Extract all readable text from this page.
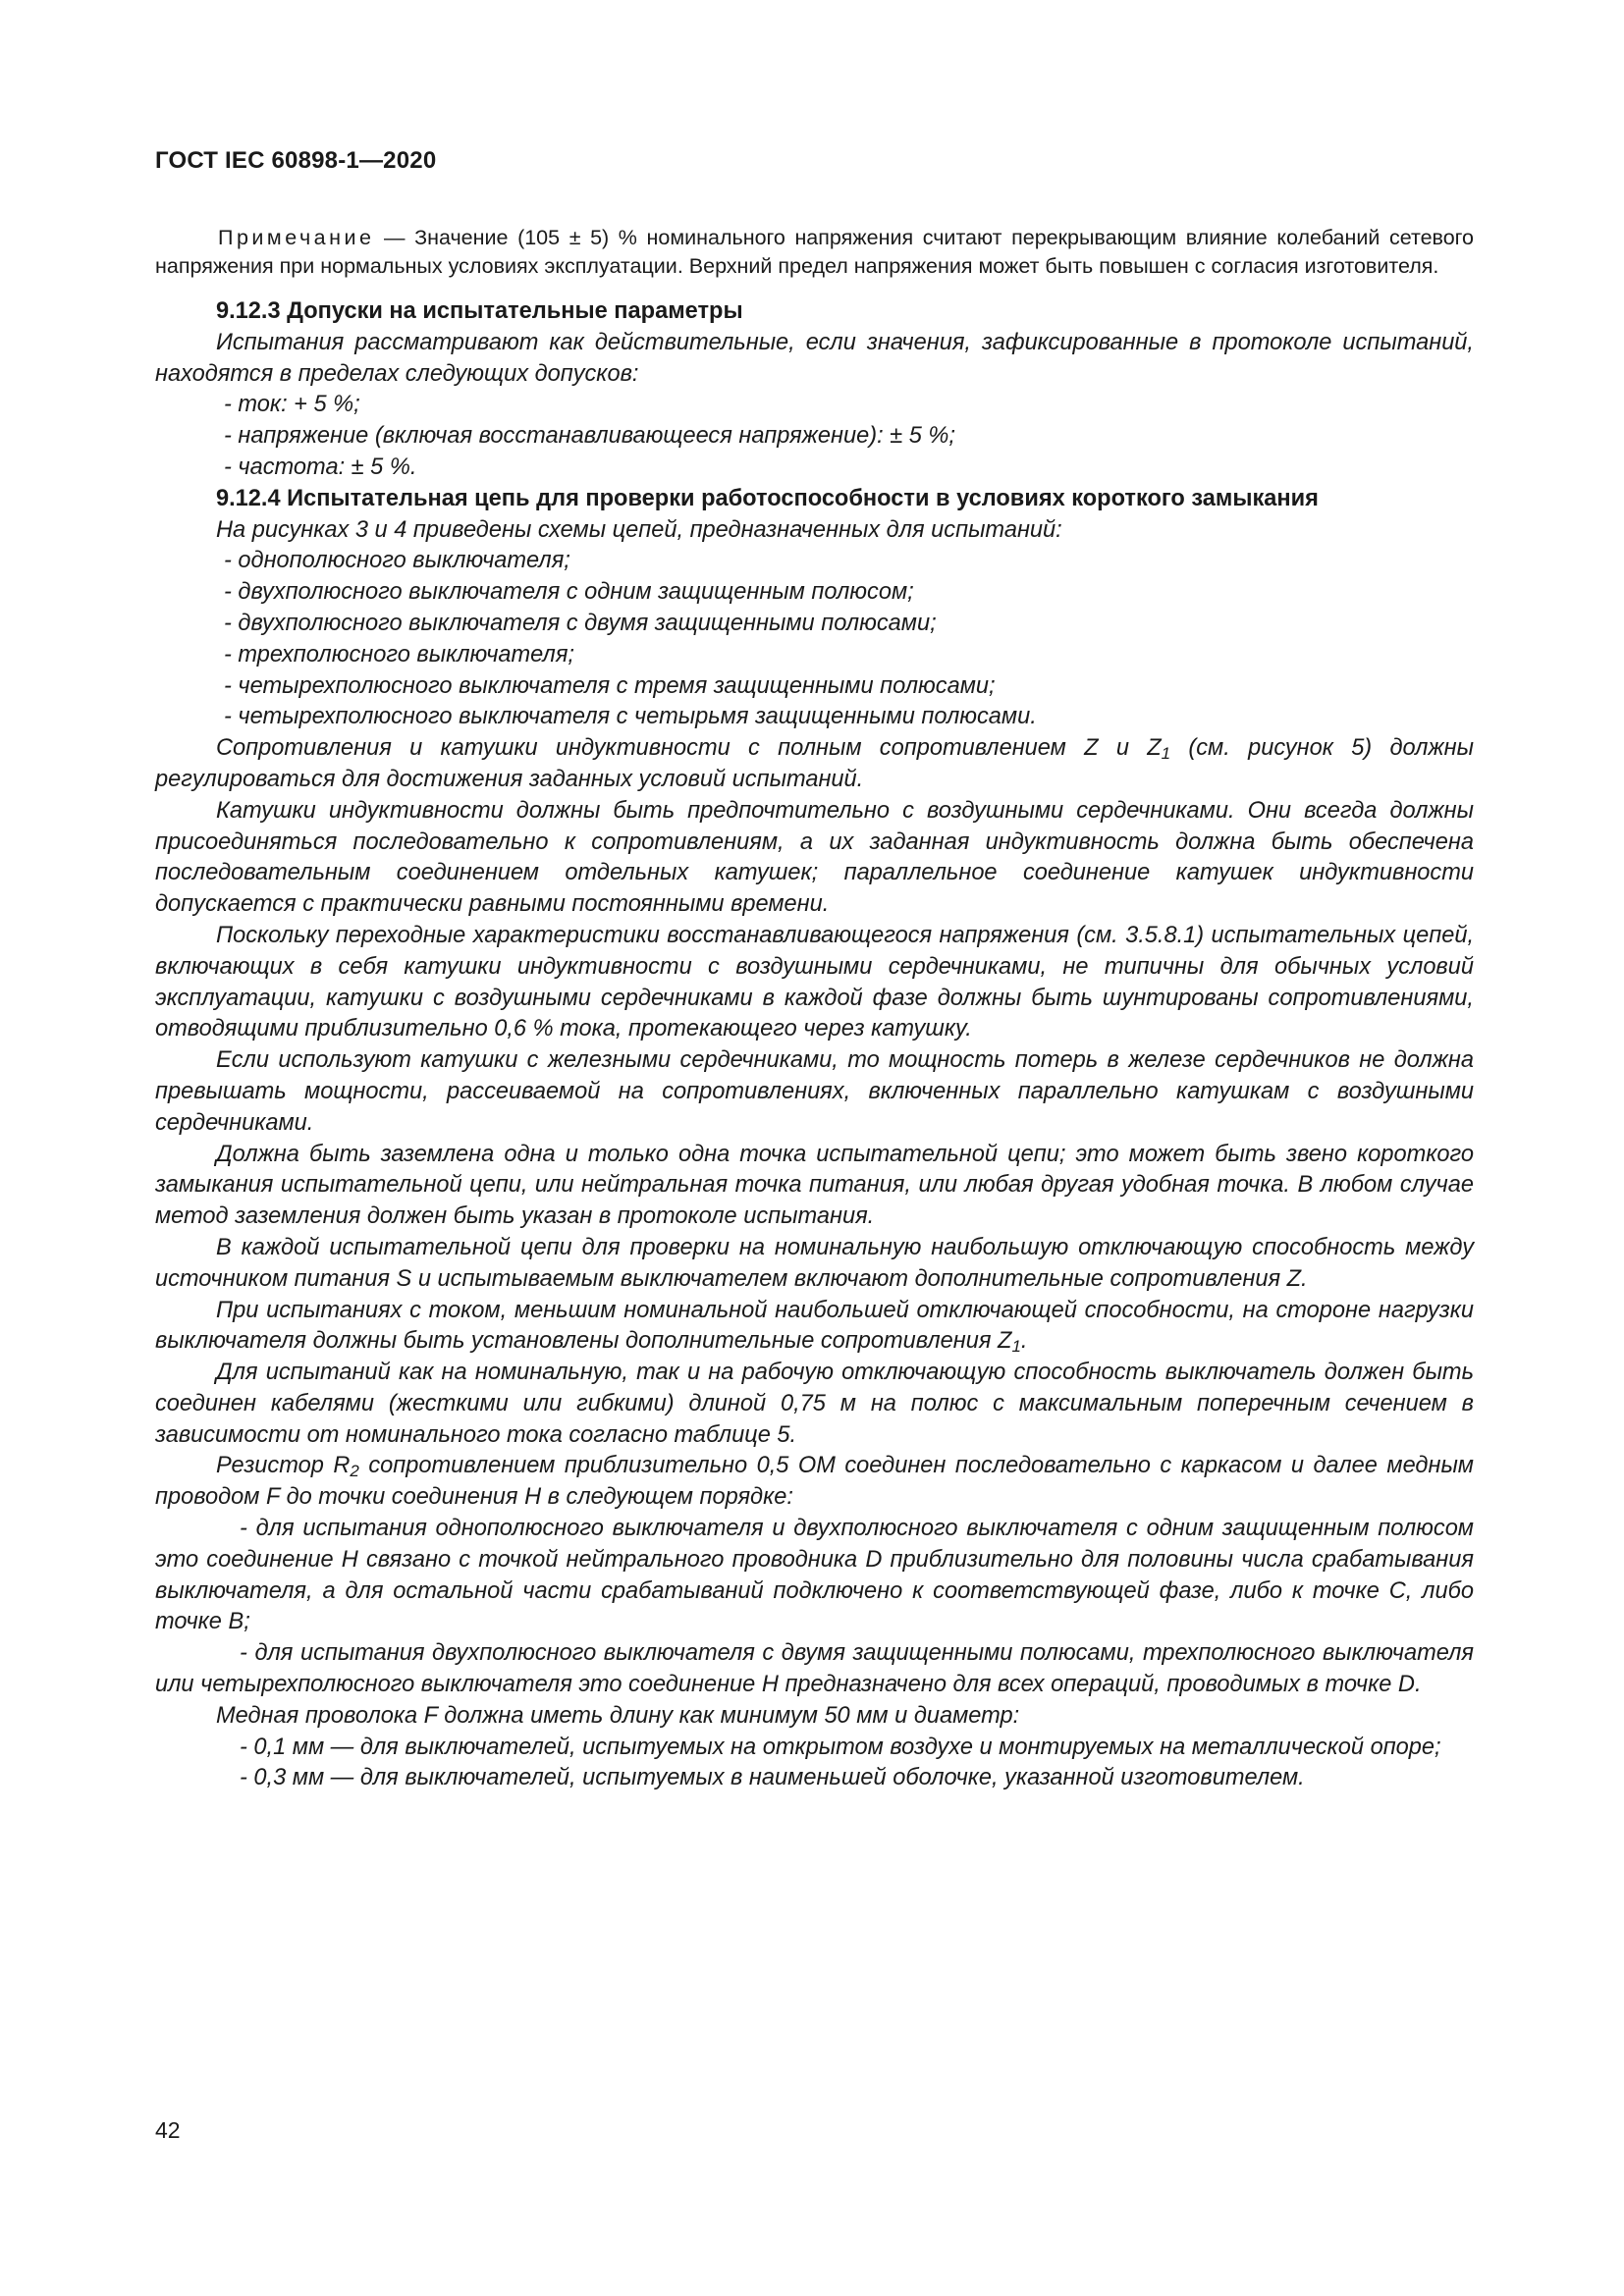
ГОСТ IEC 60898-1—2020

Примечание — Значение (105 ± 5) % номинального напряжения считают перекрывающим влияние колебаний сетевого напряжения при нормальных условиях эксплуатации. Верхний предел напряжения может быть повышен с согласия изготовителя.

9.12.3 Допуски на испытательные параметры

Испытания рассматривают как действительные, если значения, зафиксированные в протоколе испытаний, находятся в пределах следующих допусков:

- ток: + 5 %;

- напряжение (включая восстанавливающееся напряжение): ± 5 %;

- частота: ± 5 %.

9.12.4 Испытательная цепь для проверки работоспособности в условиях короткого замыкания

На рисунках 3 и 4 приведены схемы цепей, предназначенных для испытаний:

- однополюсного выключателя;

- двухполюсного выключателя с одним защищенным полюсом;

- двухполюсного выключателя с двумя защищенными полюсами;

- трехполюсного выключателя;

- четырехполюсного выключателя с тремя защищенными полюсами;

- четырехполюсного выключателя с четырьмя защищенными полюсами.

Сопротивления и катушки индуктивности с полным сопротивлением Z и $Z_1$ (см. рисунок 5) должны регулироваться для достижения заданных условий испытаний.

Катушки индуктивности должны быть предпочтительно с воздушными сердечниками. Они всегда должны присоединяться последовательно к сопротивлениям, а их заданная индуктивность должна быть обеспечена последовательным соединением отдельных катушек; параллельное соединение катушек индуктивности допускается с практически равными постоянными времени.

Поскольку переходные характеристики восстанавливающегося напряжения (см. 3.5.8.1) испытательных цепей, включающих в себя катушки индуктивности с воздушными сердечниками, не типичны для обычных условий эксплуатации, катушки с воздушными сердечниками в каждой фазе должны быть шунтированы сопротивлениями, отводящими приблизительно 0,6 % тока, протекающего через катушку.

Если используют катушки с железными сердечниками, то мощность потерь в железе сердечников не должна превышать мощности, рассеиваемой на сопротивлениях, включенных параллельно катушкам с воздушными сердечниками.

Должна быть заземлена одна и только одна точка испытательной цепи; это может быть звено короткого замыкания испытательной цепи, или нейтральная точка питания, или любая другая удобная точка. В любом случае метод заземления должен быть указан в протоколе испытания.

В каждой испытательной цепи для проверки на номинальную наибольшую отключающую способность между источником питания S и испытываемым выключателем включают дополнительные сопротивления Z.

При испытаниях с током, меньшим номинальной наибольшей отключающей способности, на стороне нагрузки выключателя должны быть установлены дополнительные сопротивления $Z_1$.

Для испытаний как на номинальную, так и на рабочую отключающую способность выключатель должен быть соединен кабелями (жесткими или гибкими) длиной 0,75 м на полюс с максимальным поперечным сечением в зависимости от номинального тока согласно таблице 5.

Резистор $R_2$ сопротивлением приблизительно 0,5 ОМ соединен последовательно с каркасом и далее медным проводом F до точки соединения H в следующем порядке:

- для испытания однополюсного выключателя и двухполюсного выключателя с одним защищенным полюсом это соединение H связано с точкой нейтрального проводника D приблизительно для половины числа срабатывания выключателя, а для остальной части срабатываний подключено к соответствующей фазе, либо к точке C, либо точке B;

- для испытания двухполюсного выключателя с двумя защищенными полюсами, трехполюсного выключателя или четырехполюсного выключателя это соединение H предназначено для всех операций, проводимых в точке D.

Медная проволока F должна иметь длину как минимум 50 мм и диаметр:

- 0,1 мм — для выключателей, испытуемых на открытом воздухе и монтируемых на металлической опоре;

- 0,3 мм — для выключателей, испытуемых в наименьшей оболочке, указанной изготовителем.

42
